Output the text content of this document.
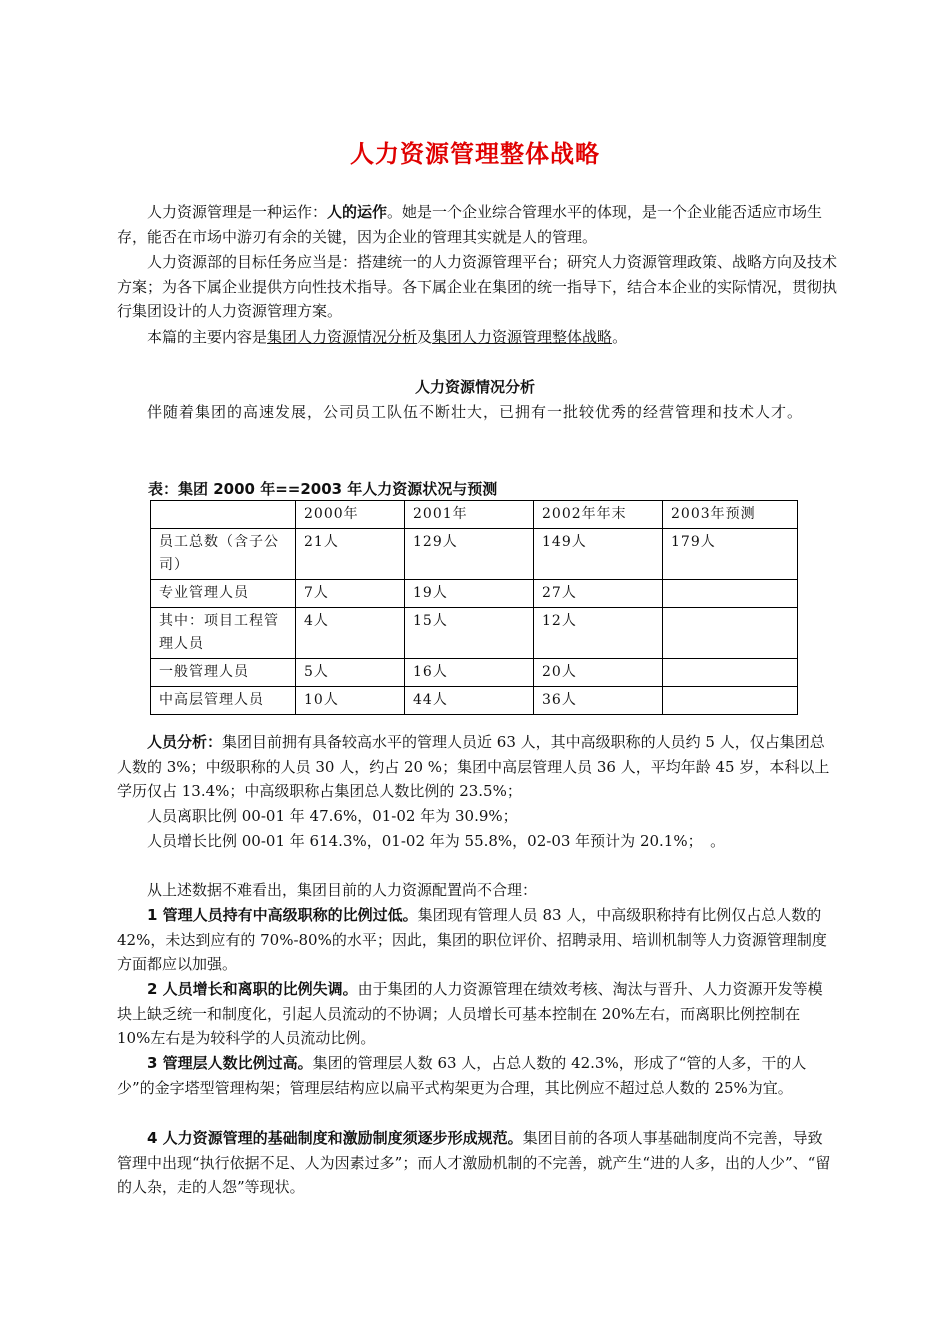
人力资源管理整体战略
人力资源管理是一种运作：人的运作。她是一个企业综合管理水平的体现，是一个企业能否适应市场生存，能否在市场中游刃有余的关键，因为企业的管理其实就是人的管理。
人力资源部的目标任务应当是：搭建统一的人力资源管理平台；研究人力资源管理政策、战略方向及技术方案；为各下属企业提供方向性技术指导。各下属企业在集团的统一指导下，结合本企业的实际情况，贯彻执行集团设计的人力资源管理方案。
本篇的主要内容是集团人力资源情况分析及集团人力资源管理整体战略。
人力资源情况分析
伴随着集团的高速发展，公司员工队伍不断壮大，已拥有一批较优秀的经营管理和技术人才。
表：集团 2000 年==2003 年人力资源状况与预测
	2000年	2001年	2002年年末	2003年预测
员工总数（含子公司）	21人	129人	149人	179人
专业管理人员	7人	19人	27人	
其中：项目工程管理人员	4人	15人	12人	
一般管理人员	5人	16人	20人	
中高层管理人员	10人	44人	36人	
人员分析：集团目前拥有具备较高水平的管理人员近 63 人，其中高级职称的人员约 5 人，仅占集团总人数的 3%；中级职称的人员 30 人，约占 20 %；集团中高层管理人员 36 人，平均年龄 45 岁，本科以上学历仅占 13.4%；中高级职称占集团总人数比例的 23.5%；
人员离职比例 00-01 年 47.6%，01-02 年为 30.9%；
人员增长比例 00-01 年 614.3%，01-02 年为 55.8%，02-03 年预计为 20.1%；　。
从上述数据不难看出，集团目前的人力资源配置尚不合理：
1 管理人员持有中高级职称的比例过低。集团现有管理人员 83 人，中高级职称持有比例仅占总人数的 42%，未达到应有的 70%-80%的水平；因此，集团的职位评价、招聘录用、培训机制等人力资源管理制度方面都应以加强。
2 人员增长和离职的比例失调。由于集团的人力资源管理在绩效考核、淘汰与晋升、人力资源开发等模块上缺乏统一和制度化，引起人员流动的不协调；人员增长可基本控制在 20%左右，而离职比例控制在 10%左右是为较科学的人员流动比例。
3 管理层人数比例过高。集团的管理层人数 63 人，占总人数的 42.3%，形成了“管的人多，干的人少”的金字塔型管理构架；管理层结构应以扁平式构架更为合理，其比例应不超过总人数的 25%为宜。
4 人力资源管理的基础制度和激励制度须逐步形成规范。集团目前的各项人事基础制度尚不完善，导致管理中出现“执行依据不足、人为因素过多”；而人才激励机制的不完善，就产生“进的人多，出的人少”、“留的人杂，走的人怨”等现状。
